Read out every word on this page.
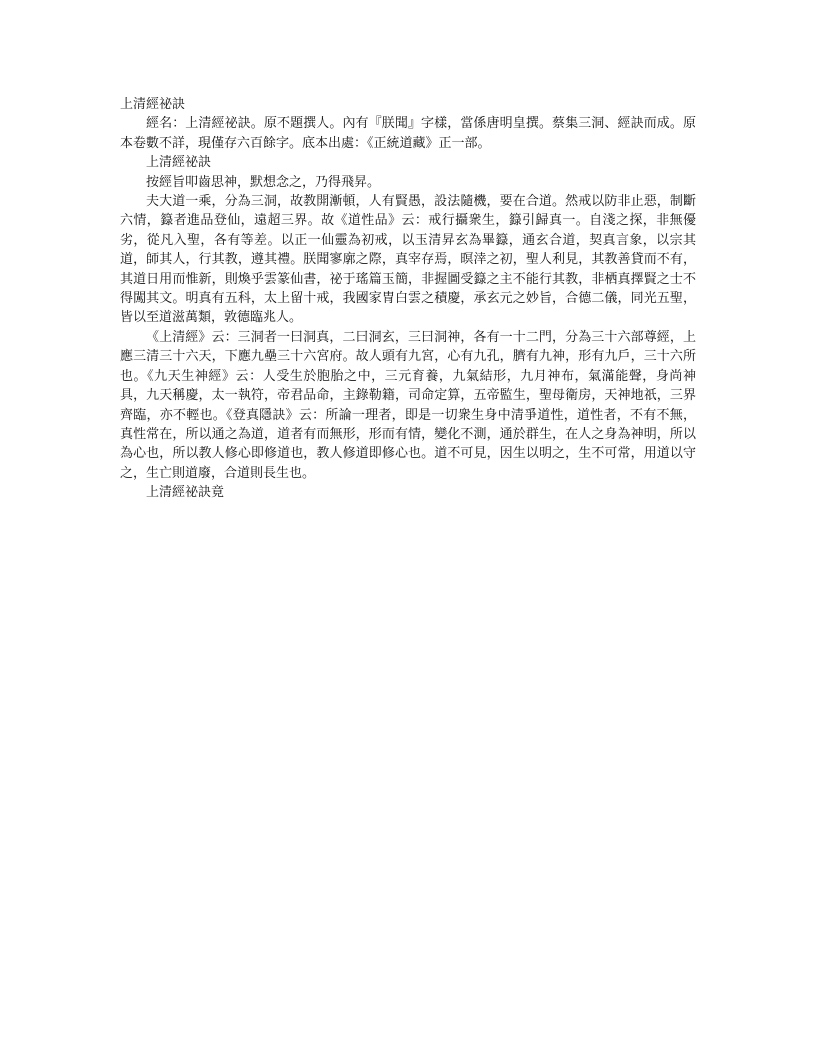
上清經祕訣

經名：上清經祕訣。原不題撰人。內有『朕聞』字樣，當係唐明皇撰。蔡集三洞、經訣而成。原本卷數不詳，現僅存六百餘字。底本出處：《正統道藏》正一部。

上清經祕訣

按經旨叩齒思神，默想念之，乃得飛昇。

夫大道一乘，分為三洞，故教開漸頓，人有賢愚，設法隨機，要在合道。然戒以防非止惡，制斷六情，籙者進品登仙，遠超三界。故《道性品》云：戒行攝衆生，籙引歸真一。自淺之探，非無優劣，從凡入聖，各有等差。以正一仙靈為初戒，以玉清昇玄為畢籙，通玄合道，契真言象，以宗其道，師其人，行其教，遵其禮。朕聞寥廓之際，真宰存焉，暝涬之初，聖人利見，其教善貸而不有，其道日用而惟新，則煥乎雲篆仙書，祕于瑤篇玉簡，非握圖受籙之主不能行其教，非栖真擇賢之士不得闖其文。明真有五科，太上留十戒，我國家冑白雲之積慶，承玄元之妙旨，合德二儀，同光五聖，皆以至道滋萬類，敦德臨兆人。

《上清經》云：三洞者一曰洞真，二曰洞玄，三曰洞神，各有一十二門，分為三十六部尊經，上應三清三十六天，下應九壘三十六宮府。故人頭有九宮，心有九孔，臍有九神，形有九戶，三十六所也。《九天生神經》云：人受生於胞胎之中，三元育養，九氣結形，九月神布，氣滿能聲，身尚神具，九天稱慶，太一執符，帝君品命，主錄勒籍，司命定算，五帝監生，聖母衛房，天神地祇，三界齊臨，亦不輕也。《登真隱訣》云：所論一理者，即是一切衆生身中清爭道性，道性者，不有不無，真性常在，所以通之為道，道者有而無形，形而有情，變化不測，通於群生，在人之身為神明，所以為心也，所以教人修心即修道也，教人修道即修心也。道不可見，因生以明之，生不可常，用道以守之，生亡則道廢，合道則長生也。

上清經祕訣竟
